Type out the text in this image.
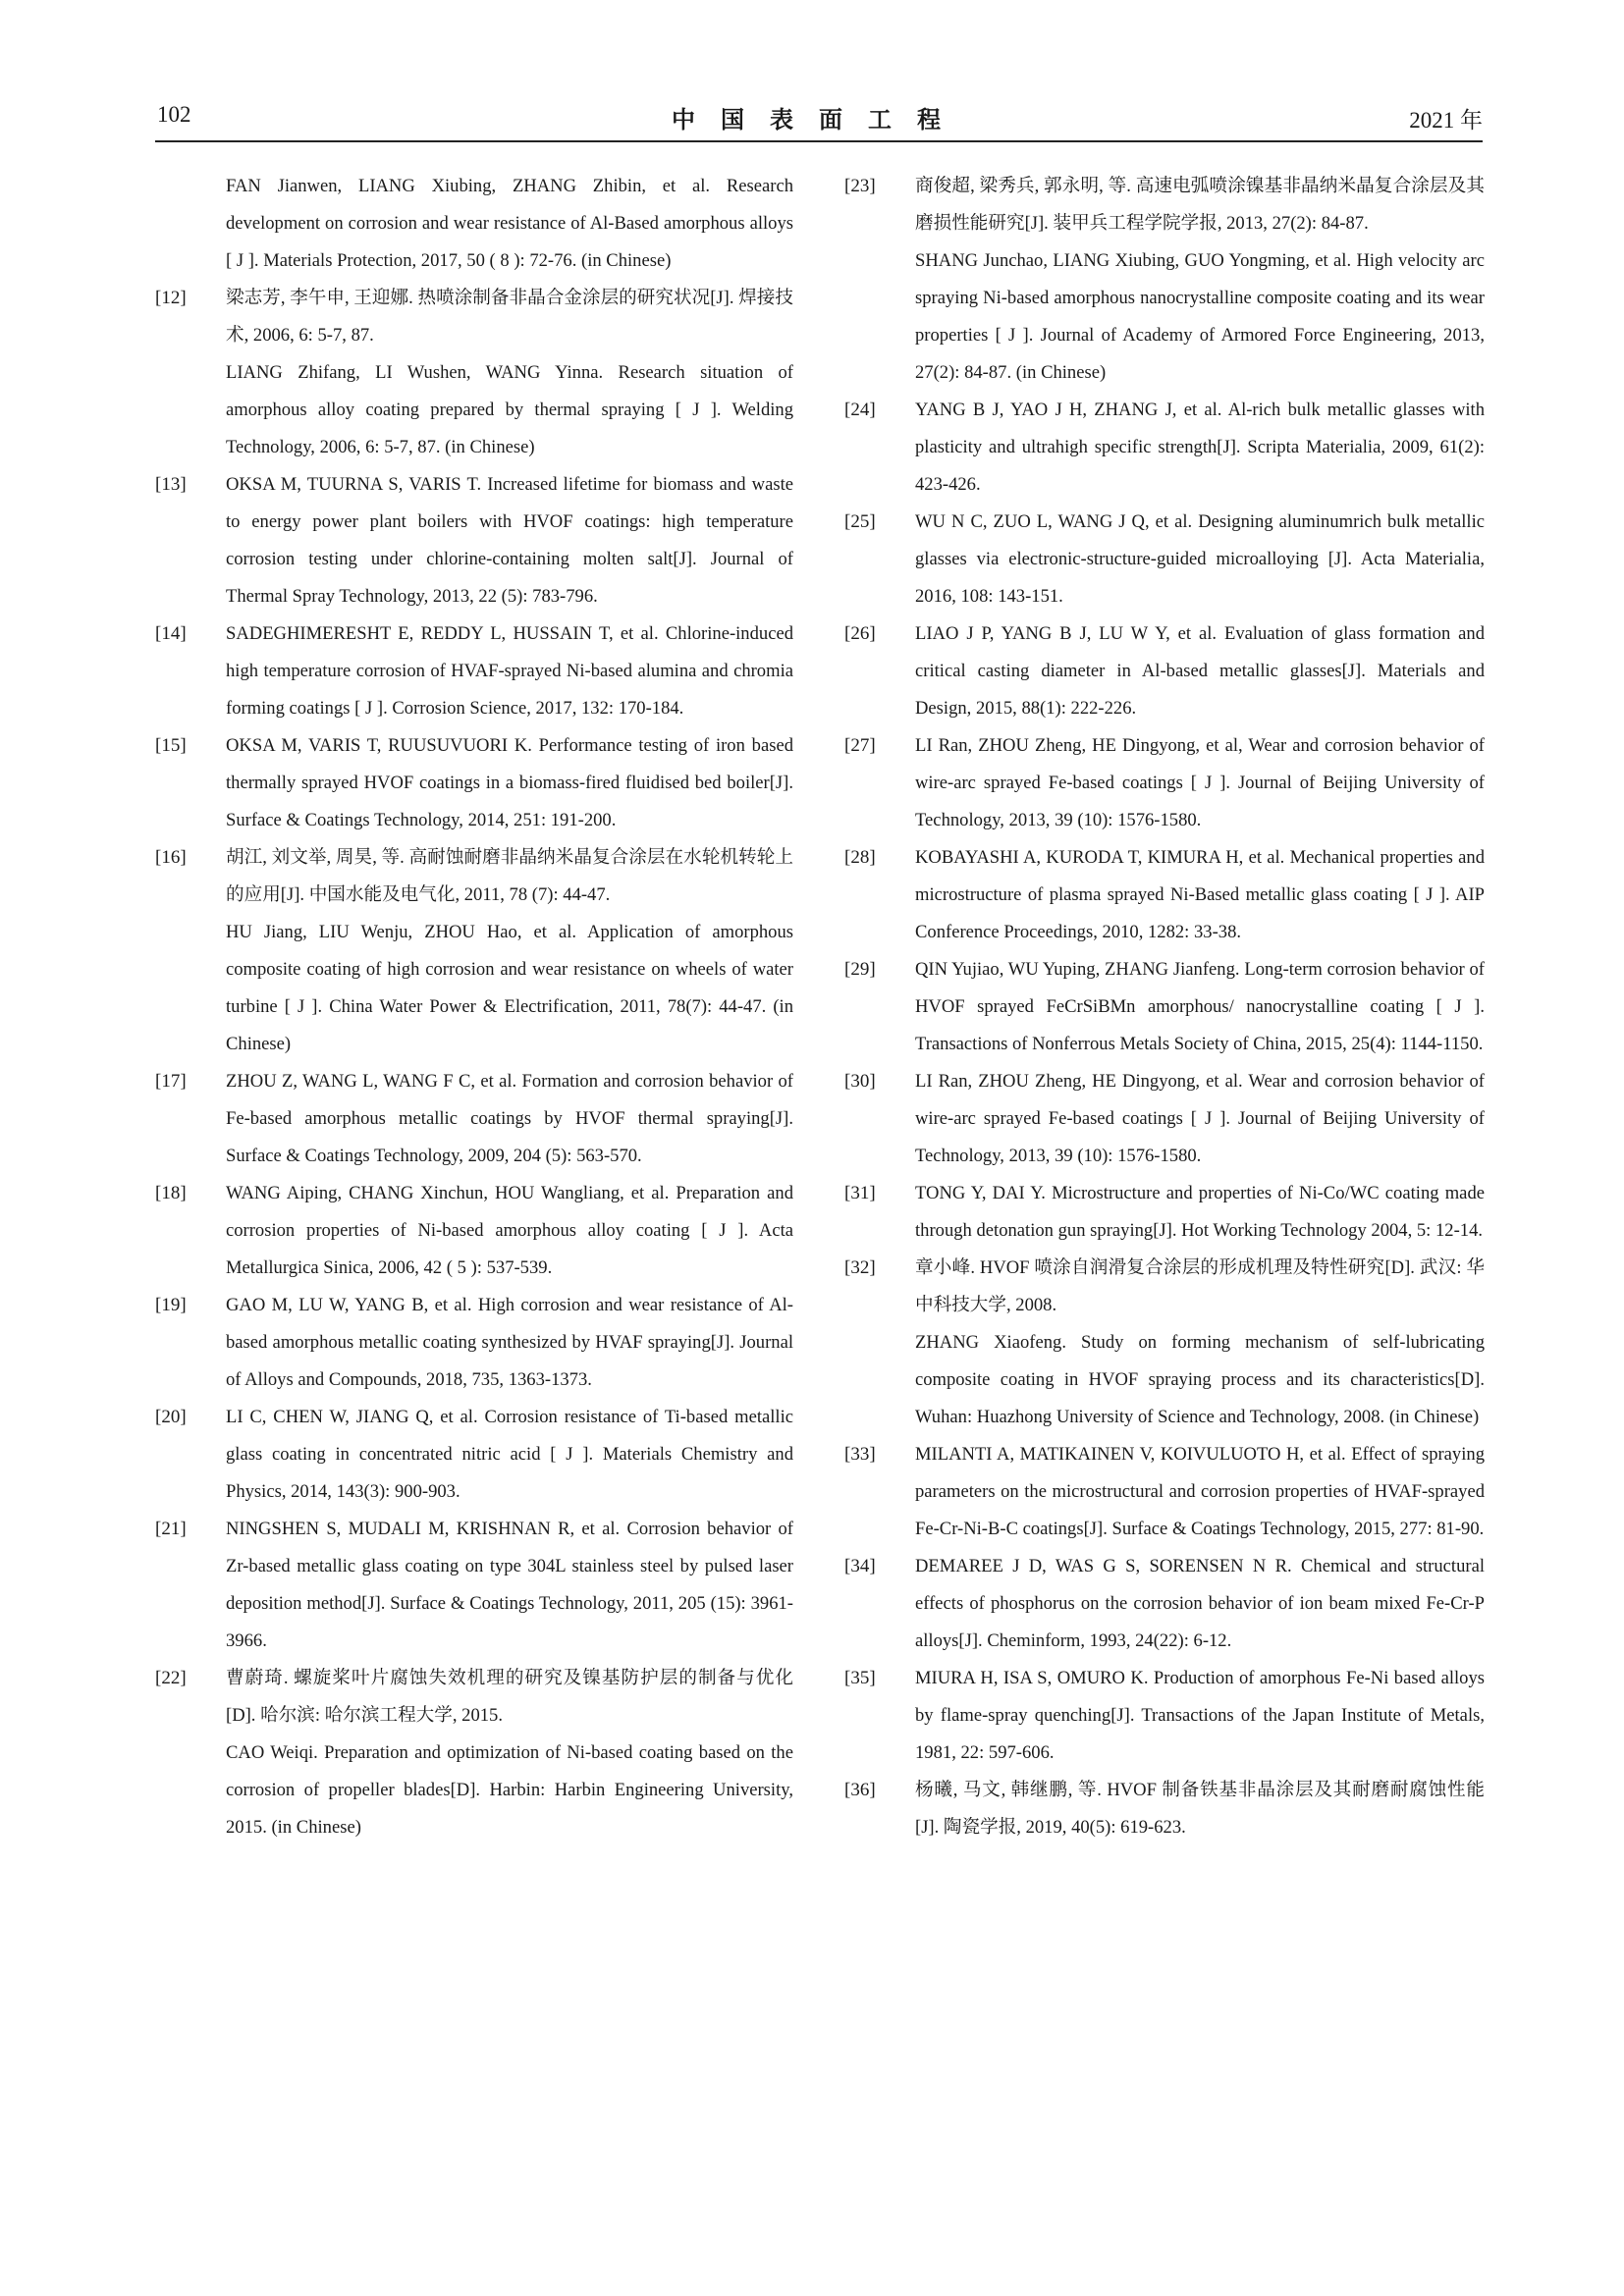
102	中国表面工程	2021 年

FAN Jianwen, LIANG Xiubing, ZHANG Zhibin, et al. Research development on corrosion and wear resistance of Al-Based amorphous alloys [ J ]. Materials Protection, 2017, 50 ( 8 ): 72-76. (in Chinese)

[12] 梁志芳, 李午申, 王迎娜. 热喷涂制备非晶合金涂层的研究状况[J]. 焊接技术, 2006, 6: 5-7, 87.

LIANG Zhifang, LI Wushen, WANG Yinna. Research situation of amorphous alloy coating prepared by thermal spraying [ J ]. Welding Technology, 2006, 6: 5-7, 87. (in Chinese)

[13] OKSA M, TUURNA S, VARIS T. Increased lifetime for biomass and waste to energy power plant boilers with HVOF coatings: high temperature corrosion testing under chlorine-containing molten salt[J]. Journal of Thermal Spray Technology, 2013, 22 (5): 783-796.

[14] SADEGHIMERESHT E, REDDY L, HUSSAIN T, et al. Chlorine-induced high temperature corrosion of HVAF-sprayed Ni-based alumina and chromia forming coatings [ J ]. Corrosion Science, 2017, 132: 170-184.

[15] OKSA M, VARIS T, RUUSUVUORI K. Performance testing of iron based thermally sprayed HVOF coatings in a biomass-fired fluidised bed boiler[J]. Surface & Coatings Technology, 2014, 251: 191-200.

[16] 胡江, 刘文举, 周昊, 等. 高耐蚀耐磨非晶纳米晶复合涂层在水轮机转轮上的应用[J]. 中国水能及电气化, 2011, 78 (7): 44-47.

HU Jiang, LIU Wenju, ZHOU Hao, et al. Application of amorphous composite coating of high corrosion and wear resistance on wheels of water turbine [ J ]. China Water Power & Electrification, 2011, 78(7): 44-47. (in Chinese)

[17] ZHOU Z, WANG L, WANG F C, et al. Formation and corrosion behavior of Fe-based amorphous metallic coatings by HVOF thermal spraying[J]. Surface & Coatings Technology, 2009, 204 (5): 563-570.

[18] WANG Aiping, CHANG Xinchun, HOU Wangliang, et al. Preparation and corrosion properties of Ni-based amorphous alloy coating [ J ]. Acta Metallurgica Sinica, 2006, 42 ( 5 ): 537-539.

[19] GAO M, LU W, YANG B, et al. High corrosion and wear resistance of Al-based amorphous metallic coating synthesized by HVAF spraying[J]. Journal of Alloys and Compounds, 2018, 735, 1363-1373.

[20] LI C, CHEN W, JIANG Q, et al. Corrosion resistance of Ti-based metallic glass coating in concentrated nitric acid [ J ]. Materials Chemistry and Physics, 2014, 143(3): 900-903.

[21] NINGSHEN S, MUDALI M, KRISHNAN R, et al. Corrosion behavior of Zr-based metallic glass coating on type 304L stainless steel by pulsed laser deposition method[J]. Surface & Coatings Technology, 2011, 205 (15): 3961-3966.

[22] 曹蔚琦. 螺旋桨叶片腐蚀失效机理的研究及镍基防护层的制备与优化[D]. 哈尔滨: 哈尔滨工程大学, 2015.

CAO Weiqi. Preparation and optimization of Ni-based coating based on the corrosion of propeller blades[D]. Harbin: Harbin Engineering University, 2015. (in Chinese)

[23] 商俊超, 梁秀兵, 郭永明, 等. 高速电弧喷涂镍基非晶纳米晶复合涂层及其磨损性能研究[J]. 装甲兵工程学院学报, 2013, 27(2): 84-87.

SHANG Junchao, LIANG Xiubing, GUO Yongming, et al. High velocity arc spraying Ni-based amorphous nanocrystalline composite coating and its wear properties [ J ]. Journal of Academy of Armored Force Engineering, 2013, 27(2): 84-87. (in Chinese)

[24] YANG B J, YAO J H, ZHANG J, et al. Al-rich bulk metallic glasses with plasticity and ultrahigh specific strength[J]. Scripta Materialia, 2009, 61(2): 423-426.

[25] WU N C, ZUO L, WANG J Q, et al. Designing aluminumrich bulk metallic glasses via electronic-structure-guided microalloying [J]. Acta Materialia, 2016, 108: 143-151.

[26] LIAO J P, YANG B J, LU W Y, et al. Evaluation of glass formation and critical casting diameter in Al-based metallic glasses[J]. Materials and Design, 2015, 88(1): 222-226.

[27] LI Ran, ZHOU Zheng, HE Dingyong, et al, Wear and corrosion behavior of wire-arc sprayed Fe-based coatings [ J ]. Journal of Beijing University of Technology, 2013, 39 (10): 1576-1580.

[28] KOBAYASHI A, KURODA T, KIMURA H, et al. Mechanical properties and microstructure of plasma sprayed Ni-Based metallic glass coating [ J ]. AIP Conference Proceedings, 2010, 1282: 33-38.

[29] QIN Yujiao, WU Yuping, ZHANG Jianfeng. Long-term corrosion behavior of HVOF sprayed FeCrSiBMn amorphous/ nanocrystalline coating [ J ]. Transactions of Nonferrous Metals Society of China, 2015, 25(4): 1144-1150.

[30] LI Ran, ZHOU Zheng, HE Dingyong, et al. Wear and corrosion behavior of wire-arc sprayed Fe-based coatings [ J ]. Journal of Beijing University of Technology, 2013, 39 (10): 1576-1580.

[31] TONG Y, DAI Y. Microstructure and properties of Ni-Co/WC coating made through detonation gun spraying[J]. Hot Working Technology 2004, 5: 12-14.

[32] 章小峰. HVOF 喷涂自润滑复合涂层的形成机理及特性研究[D]. 武汉: 华中科技大学, 2008.

ZHANG Xiaofeng. Study on forming mechanism of self-lubricating composite coating in HVOF spraying process and its characteristics[D]. Wuhan: Huazhong University of Science and Technology, 2008. (in Chinese)

[33] MILANTI A, MATIKAINEN V, KOIVULUOTO H, et al. Effect of spraying parameters on the microstructural and corrosion properties of HVAF-sprayed Fe-Cr-Ni-B-C coatings[J]. Surface & Coatings Technology, 2015, 277: 81-90.

[34] DEMAREE J D, WAS G S, SORENSEN N R. Chemical and structural effects of phosphorus on the corrosion behavior of ion beam mixed Fe-Cr-P alloys[J]. Cheminform, 1993, 24(22): 6-12.

[35] MIURA H, ISA S, OMURO K. Production of amorphous Fe-Ni based alloys by flame-spray quenching[J]. Transactions of the Japan Institute of Metals, 1981, 22: 597-606.

[36] 杨曦, 马文, 韩继鹏, 等. HVOF 制备铁基非晶涂层及其耐磨耐腐蚀性能[J]. 陶瓷学报, 2019, 40(5): 619-623.
